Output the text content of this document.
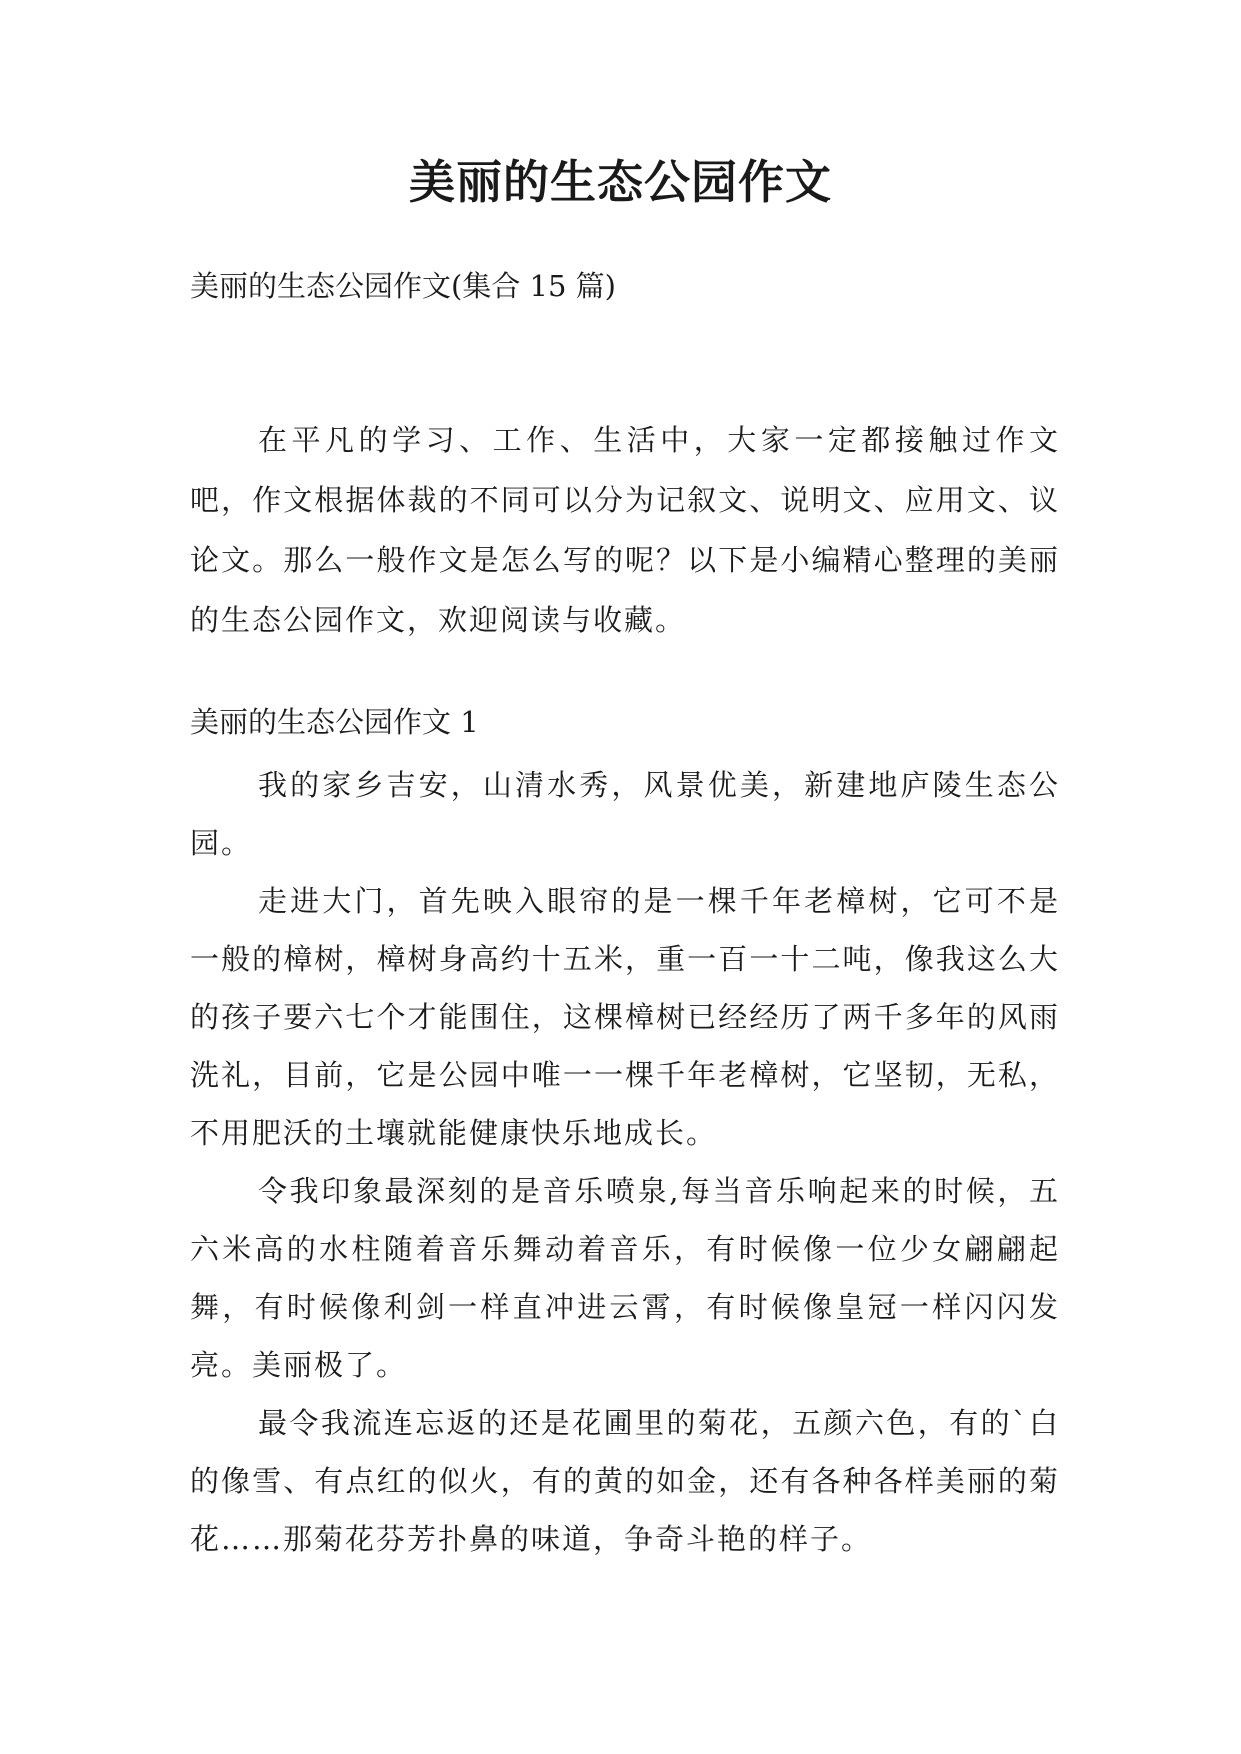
美丽的生态公园作文

美丽的生态公园作文(集合 15 篇)

在平凡的学习、工作、生活中，大家一定都接触过作文吧，作文根据体裁的不同可以分为记叙文、说明文、应用文、议论文。那么一般作文是怎么写的呢？以下是小编精心整理的美丽的生态公园作文，欢迎阅读与收藏。

美丽的生态公园作文 1

我的家乡吉安，山清水秀，风景优美，新建地庐陵生态公园。

走进大门，首先映入眼帘的是一棵千年老樟树，它可不是一般的樟树，樟树身高约十五米，重一百一十二吨，像我这么大的孩子要六七个才能围住，这棵樟树已经经历了两千多年的风雨洗礼，目前，它是公园中唯一一棵千年老樟树，它坚韧，无私，不用肥沃的土壤就能健康快乐地成长。

令我印象最深刻的是音乐喷泉,每当音乐响起来的时候，五六米高的水柱随着音乐舞动着音乐，有时候像一位少女翩翩起舞，有时候像利剑一样直冲进云霄，有时候像皇冠一样闪闪发亮。美丽极了。

最令我流连忘返的还是花圃里的菊花，五颜六色，有的`白的像雪、有点红的似火，有的黄的如金，还有各种各样美丽的菊花……那菊花芬芳扑鼻的味道，争奇斗艳的样子。
